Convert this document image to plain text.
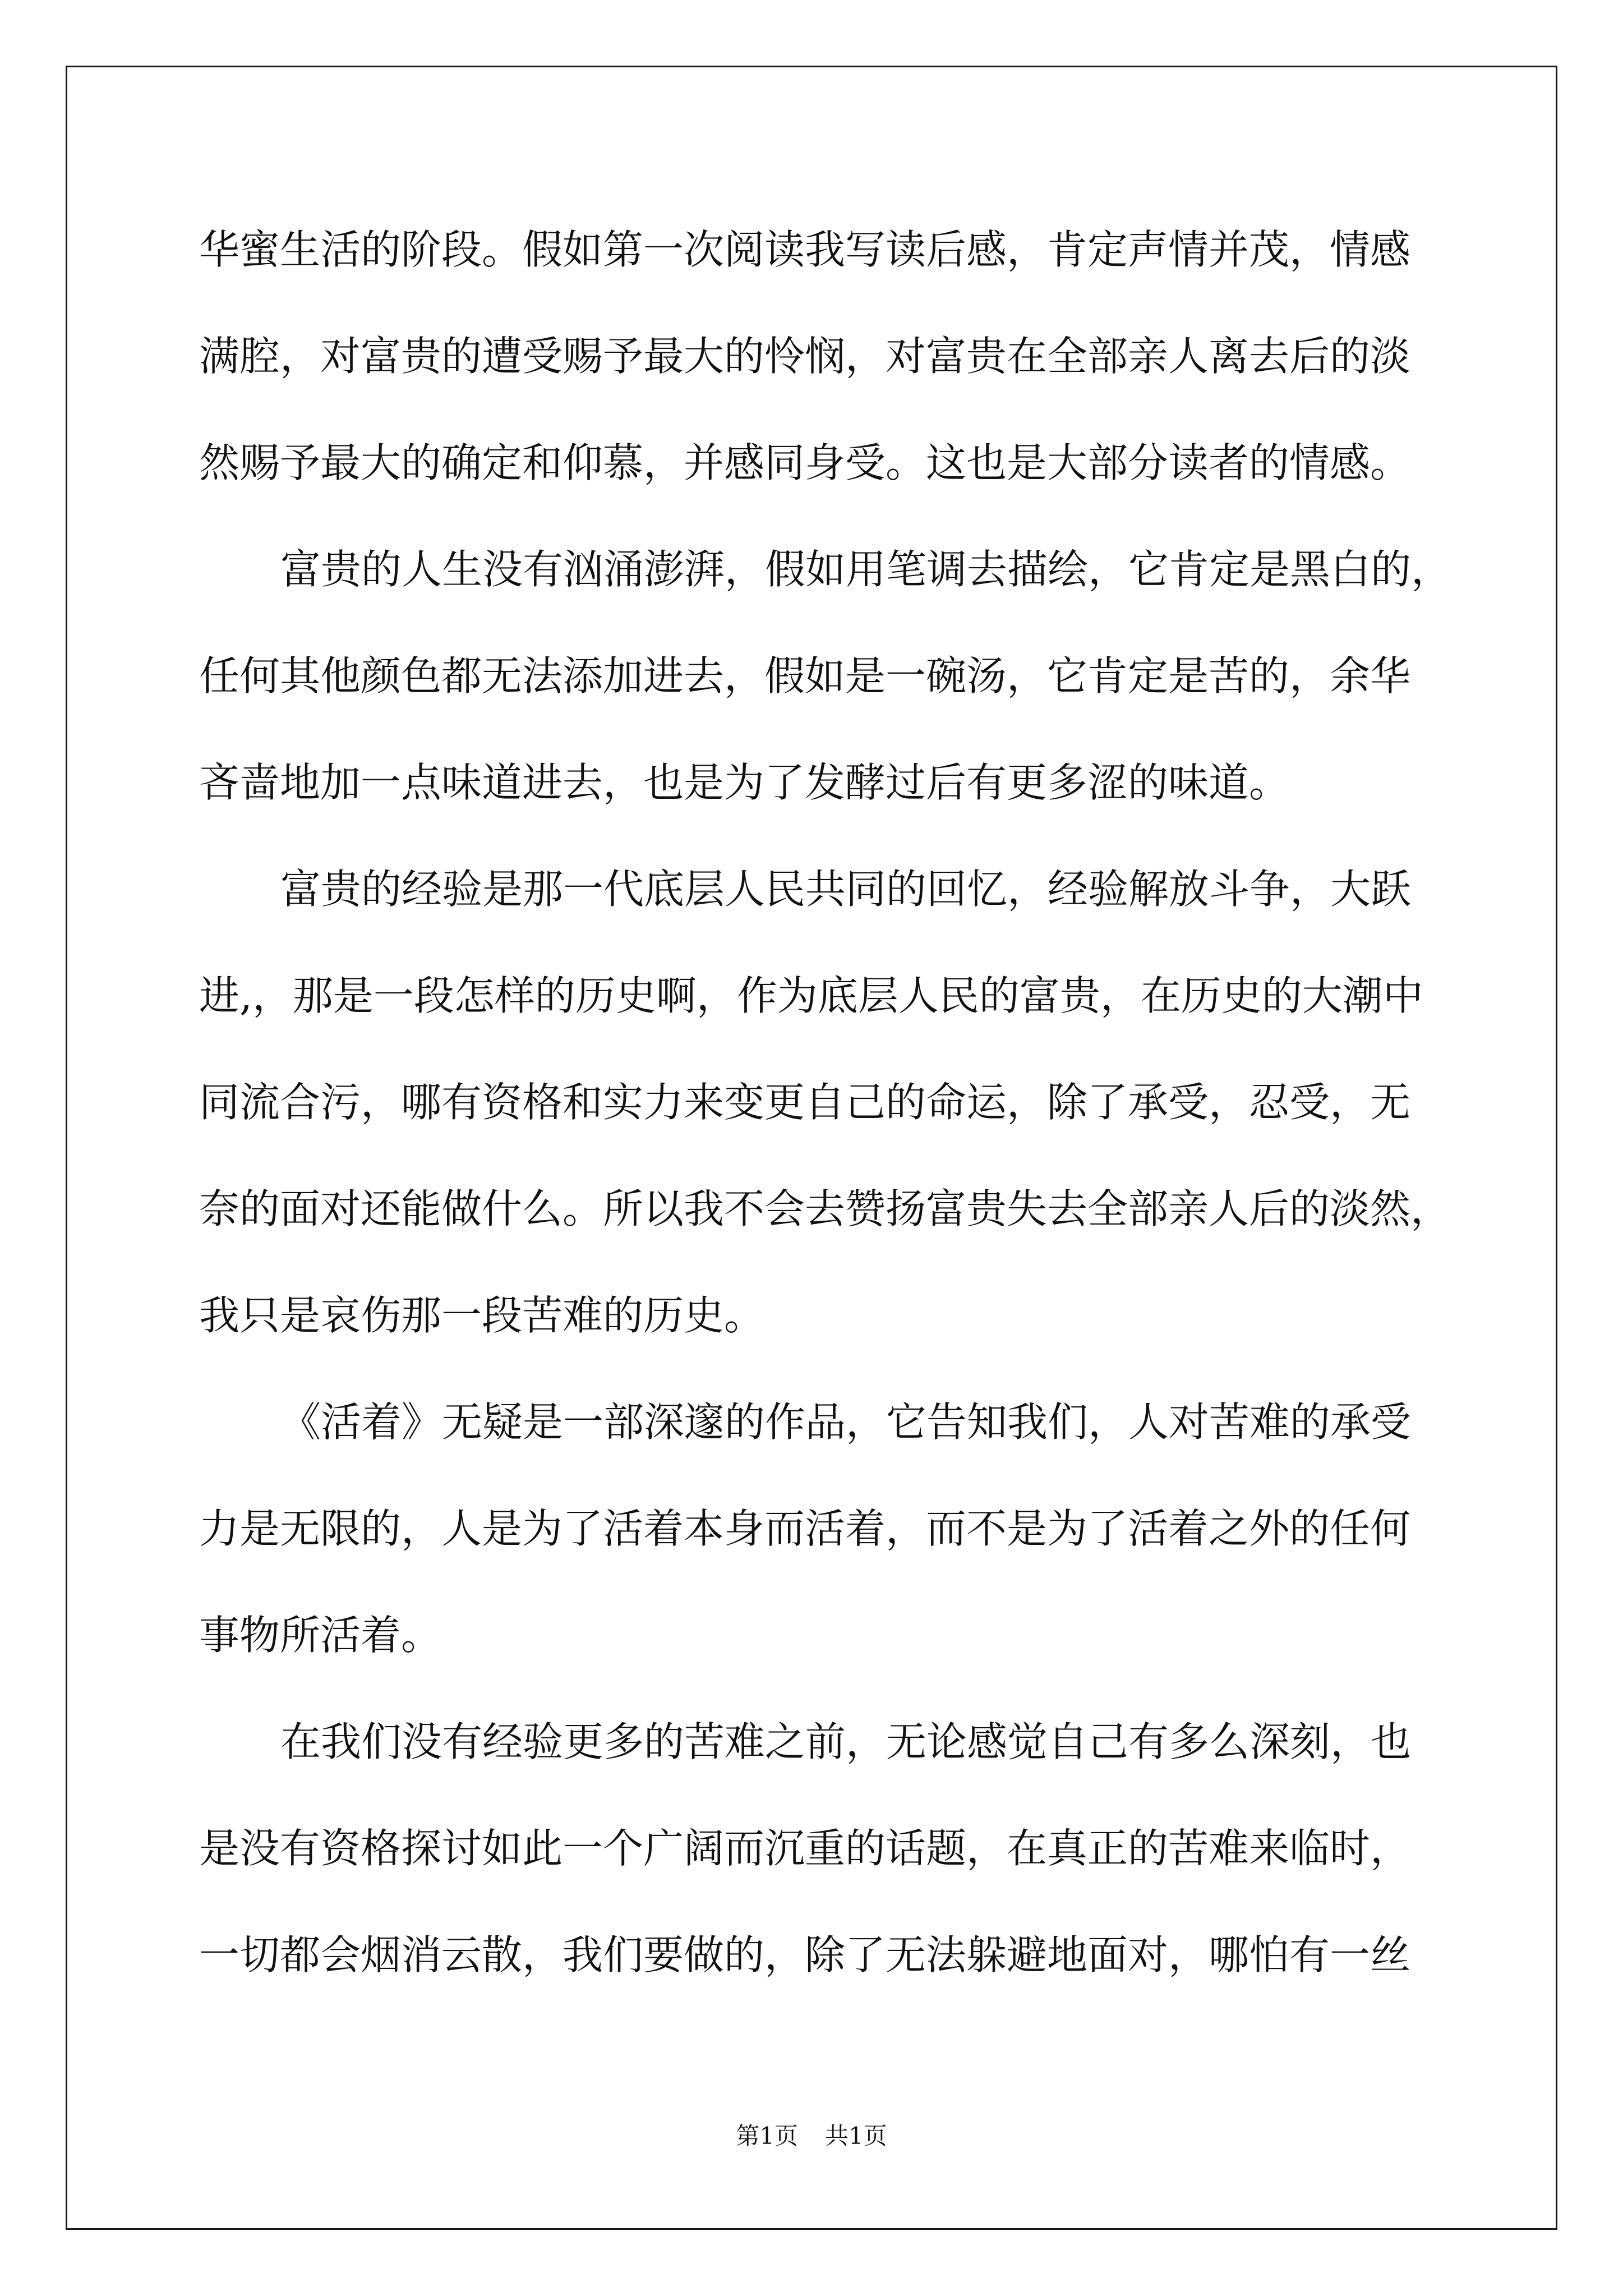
华蜜生活的阶段。假如第一次阅读我写读后感，肯定声情并茂，情感

满腔，对富贵的遭受赐予最大的怜悯，对富贵在全部亲人离去后的淡

然赐予最大的确定和仰慕，并感同身受。这也是大部分读者的情感。

富贵的人生没有汹涌澎湃，假如用笔调去描绘，它肯定是黑白的，

任何其他颜色都无法添加进去，假如是一碗汤，它肯定是苦的，余华

吝啬地加一点味道进去，也是为了发酵过后有更多涩的味道。

富贵的经验是那一代底层人民共同的回忆，经验解放斗争，大跃

进,，那是一段怎样的历史啊，作为底层人民的富贵，在历史的大潮中

同流合污，哪有资格和实力来变更自己的命运，除了承受，忍受，无

奈的面对还能做什么。所以我不会去赞扬富贵失去全部亲人后的淡然，

我只是哀伤那一段苦难的历史。

《活着》无疑是一部深邃的作品，它告知我们，人对苦难的承受

力是无限的，人是为了活着本身而活着，而不是为了活着之外的任何

事物所活着。

在我们没有经验更多的苦难之前，无论感觉自己有多么深刻，也

是没有资格探讨如此一个广阔而沉重的话题，在真正的苦难来临时，

一切都会烟消云散，我们要做的，除了无法躲避地面对，哪怕有一丝

第1页 共1页
